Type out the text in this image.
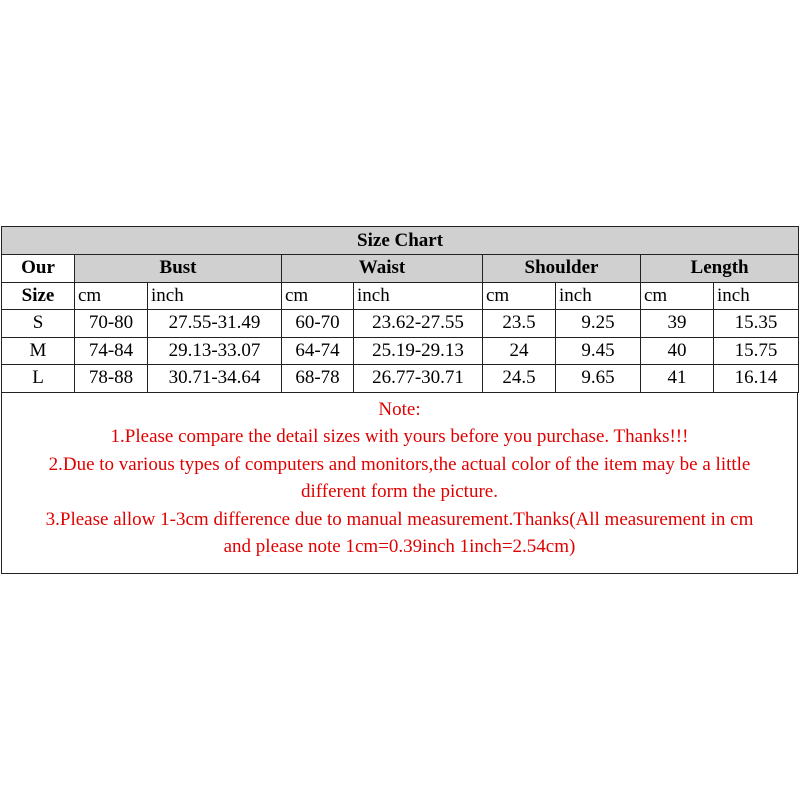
Size Chart								
Our	Bust		Waist		Shoulder		Length	
Size	cm	inch	cm	inch	cm	inch	cm	inch
S	70-80	27.55-31.49	60-70	23.62-27.55	23.5	9.25	39	15.35
M	74-84	29.13-33.07	64-74	25.19-29.13	24	9.45	40	15.75
L	78-88	30.71-34.64	68-78	26.77-30.71	24.5	9.65	41	16.14
Note:
1.Please compare the detail sizes with yours before you purchase. Thanks!!!
2.Due to various types of computers and monitors,the actual color of the item may be a little
different form the picture.
3.Please allow 1-3cm difference due to manual measurement.Thanks(All measurement in cm
and please note 1cm=0.39inch 1inch=2.54cm)
